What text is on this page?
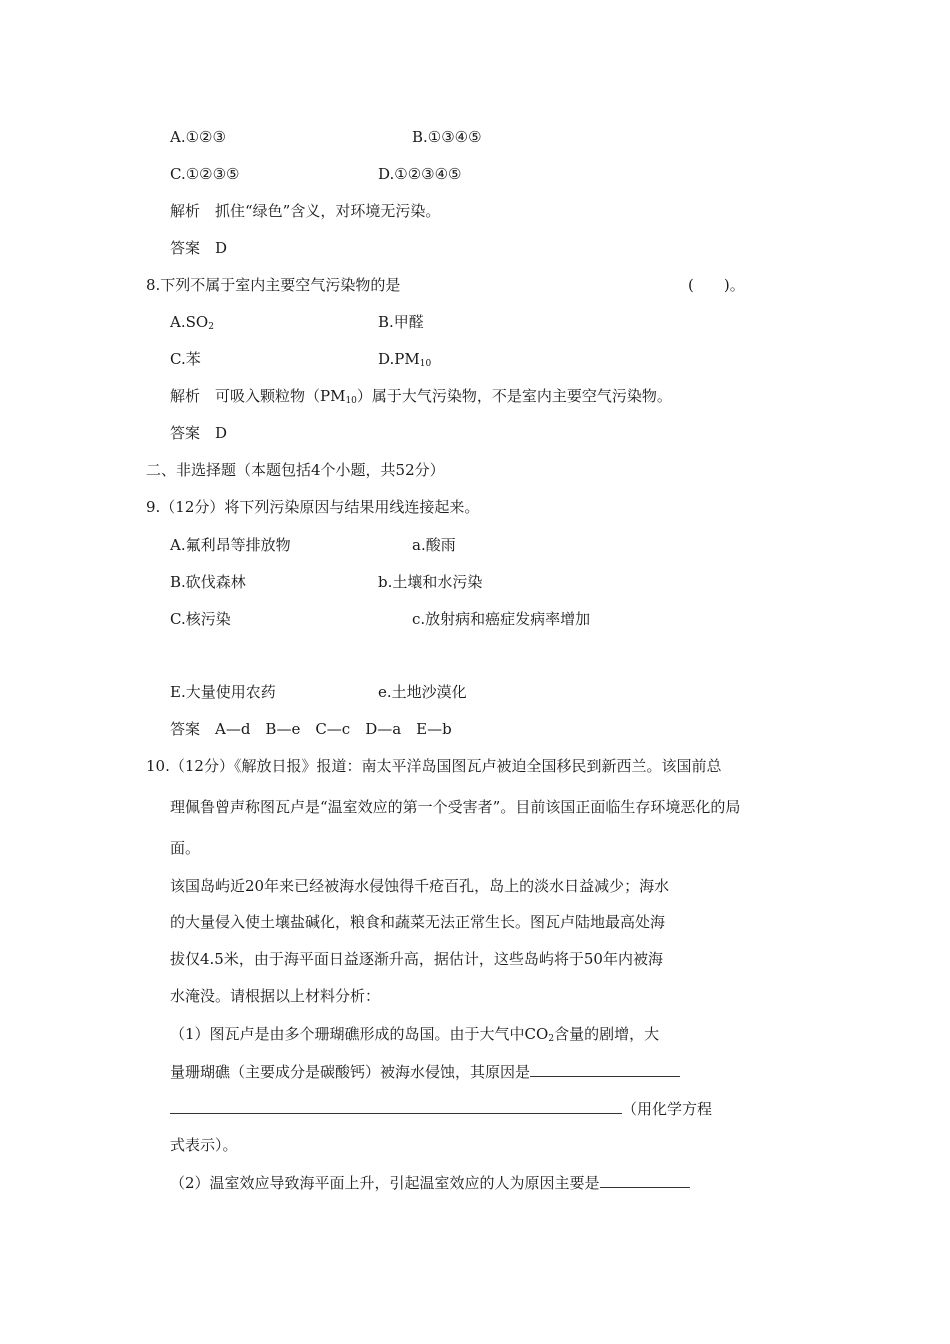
A.①②③	B.①③④⑤
C.①②③⑤	D.①②③④⑤
解析　抓住“绿色”含义，对环境无污染。
答案　D
8.下列不属于室内主要空气污染物的是	(　　)。
$A.SO_2$	B.甲醛
C.苯	$D.PM_{10}$
解析　可吸入颗粒物$(PM_{10})$属于大气污染物，不是室内主要空气污染物。
答案　D
二、非选择题（本题包括4个小题，共52分）
9.（12分）将下列污染原因与结果用线连接起来。
A.氟利昂等排放物	a.酸雨
B.砍伐森林	b.土壤和水污染
C.核污染	c.放射病和癌症发病率增加
E.大量使用农药	e.土地沙漠化
答案　A—d　B—e　C—c　D—a　E—b
10.（12分）《解放日报》报道：南太平洋岛国图瓦卢被迫全国移民到新西兰。该国前总
理佩鲁曾声称图瓦卢是“温室效应的第一个受害者”。目前该国正面临生存环境恶化的局
面。
该国岛屿近20年来已经被海水侵蚀得千疮百孔，岛上的淡水日益减少；海水
的大量侵入使土壤盐碱化，粮食和蔬菜无法正常生长。图瓦卢陆地最高处海
拔仅4.5米，由于海平面日益逐渐升高，据估计，这些岛屿将于50年内被海
水淹没。请根据以上材料分析：
（1）图瓦卢是由多个珊瑚礁形成的岛国。由于大气中$CO_2$含量的剧增，大
量珊瑚礁（主要成分是碳酸钙）被海水侵蚀，其原因是
（用化学方程
式表示）。
（2）温室效应导致海平面上升，引起温室效应的人为原因主要是
